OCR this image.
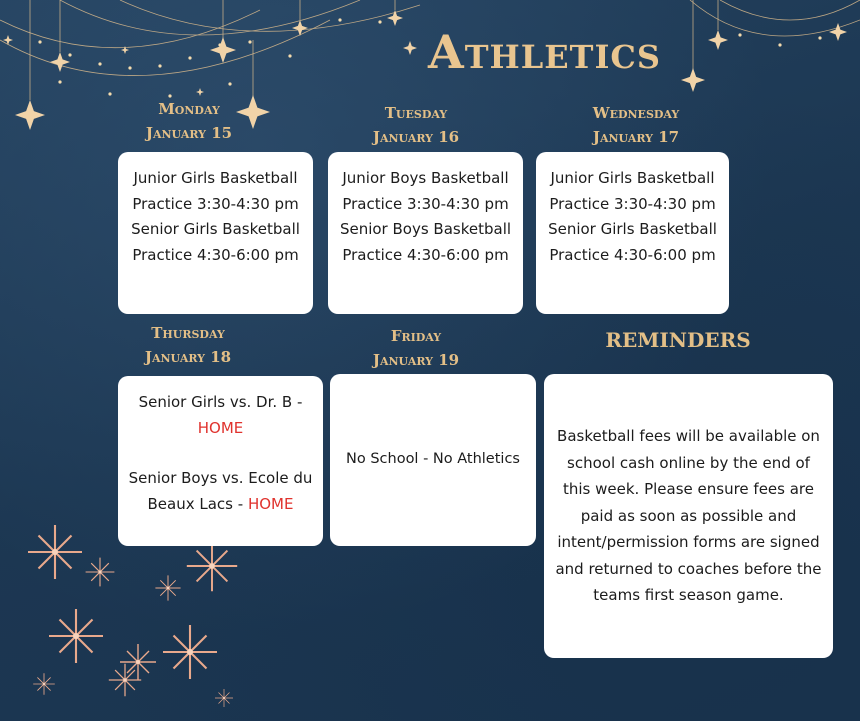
Athletics
Monday
January 15
Junior Girls Basketball
Practice 3:30-4:30 pm
Senior Girls Basketball
Practice 4:30-6:00 pm
Tuesday
January 16
Junior Boys Basketball
Practice 3:30-4:30 pm
Senior Boys Basketball
Practice 4:30-6:00 pm
Wednesday
January 17
Junior Girls Basketball
Practice 3:30-4:30 pm
Senior Girls Basketball
Practice 4:30-6:00 pm
Thursday
January 18
Senior Girls vs. Dr. B -
HOME
Senior Boys vs. Ecole du
Beaux Lacs - HOME
Friday
January 19
No School - No Athletics
REMINDERS
Basketball fees will be available on school cash online by the end of this week. Please ensure fees are paid as soon as possible and intent/permission forms are signed and returned to coaches before the teams first season game.
